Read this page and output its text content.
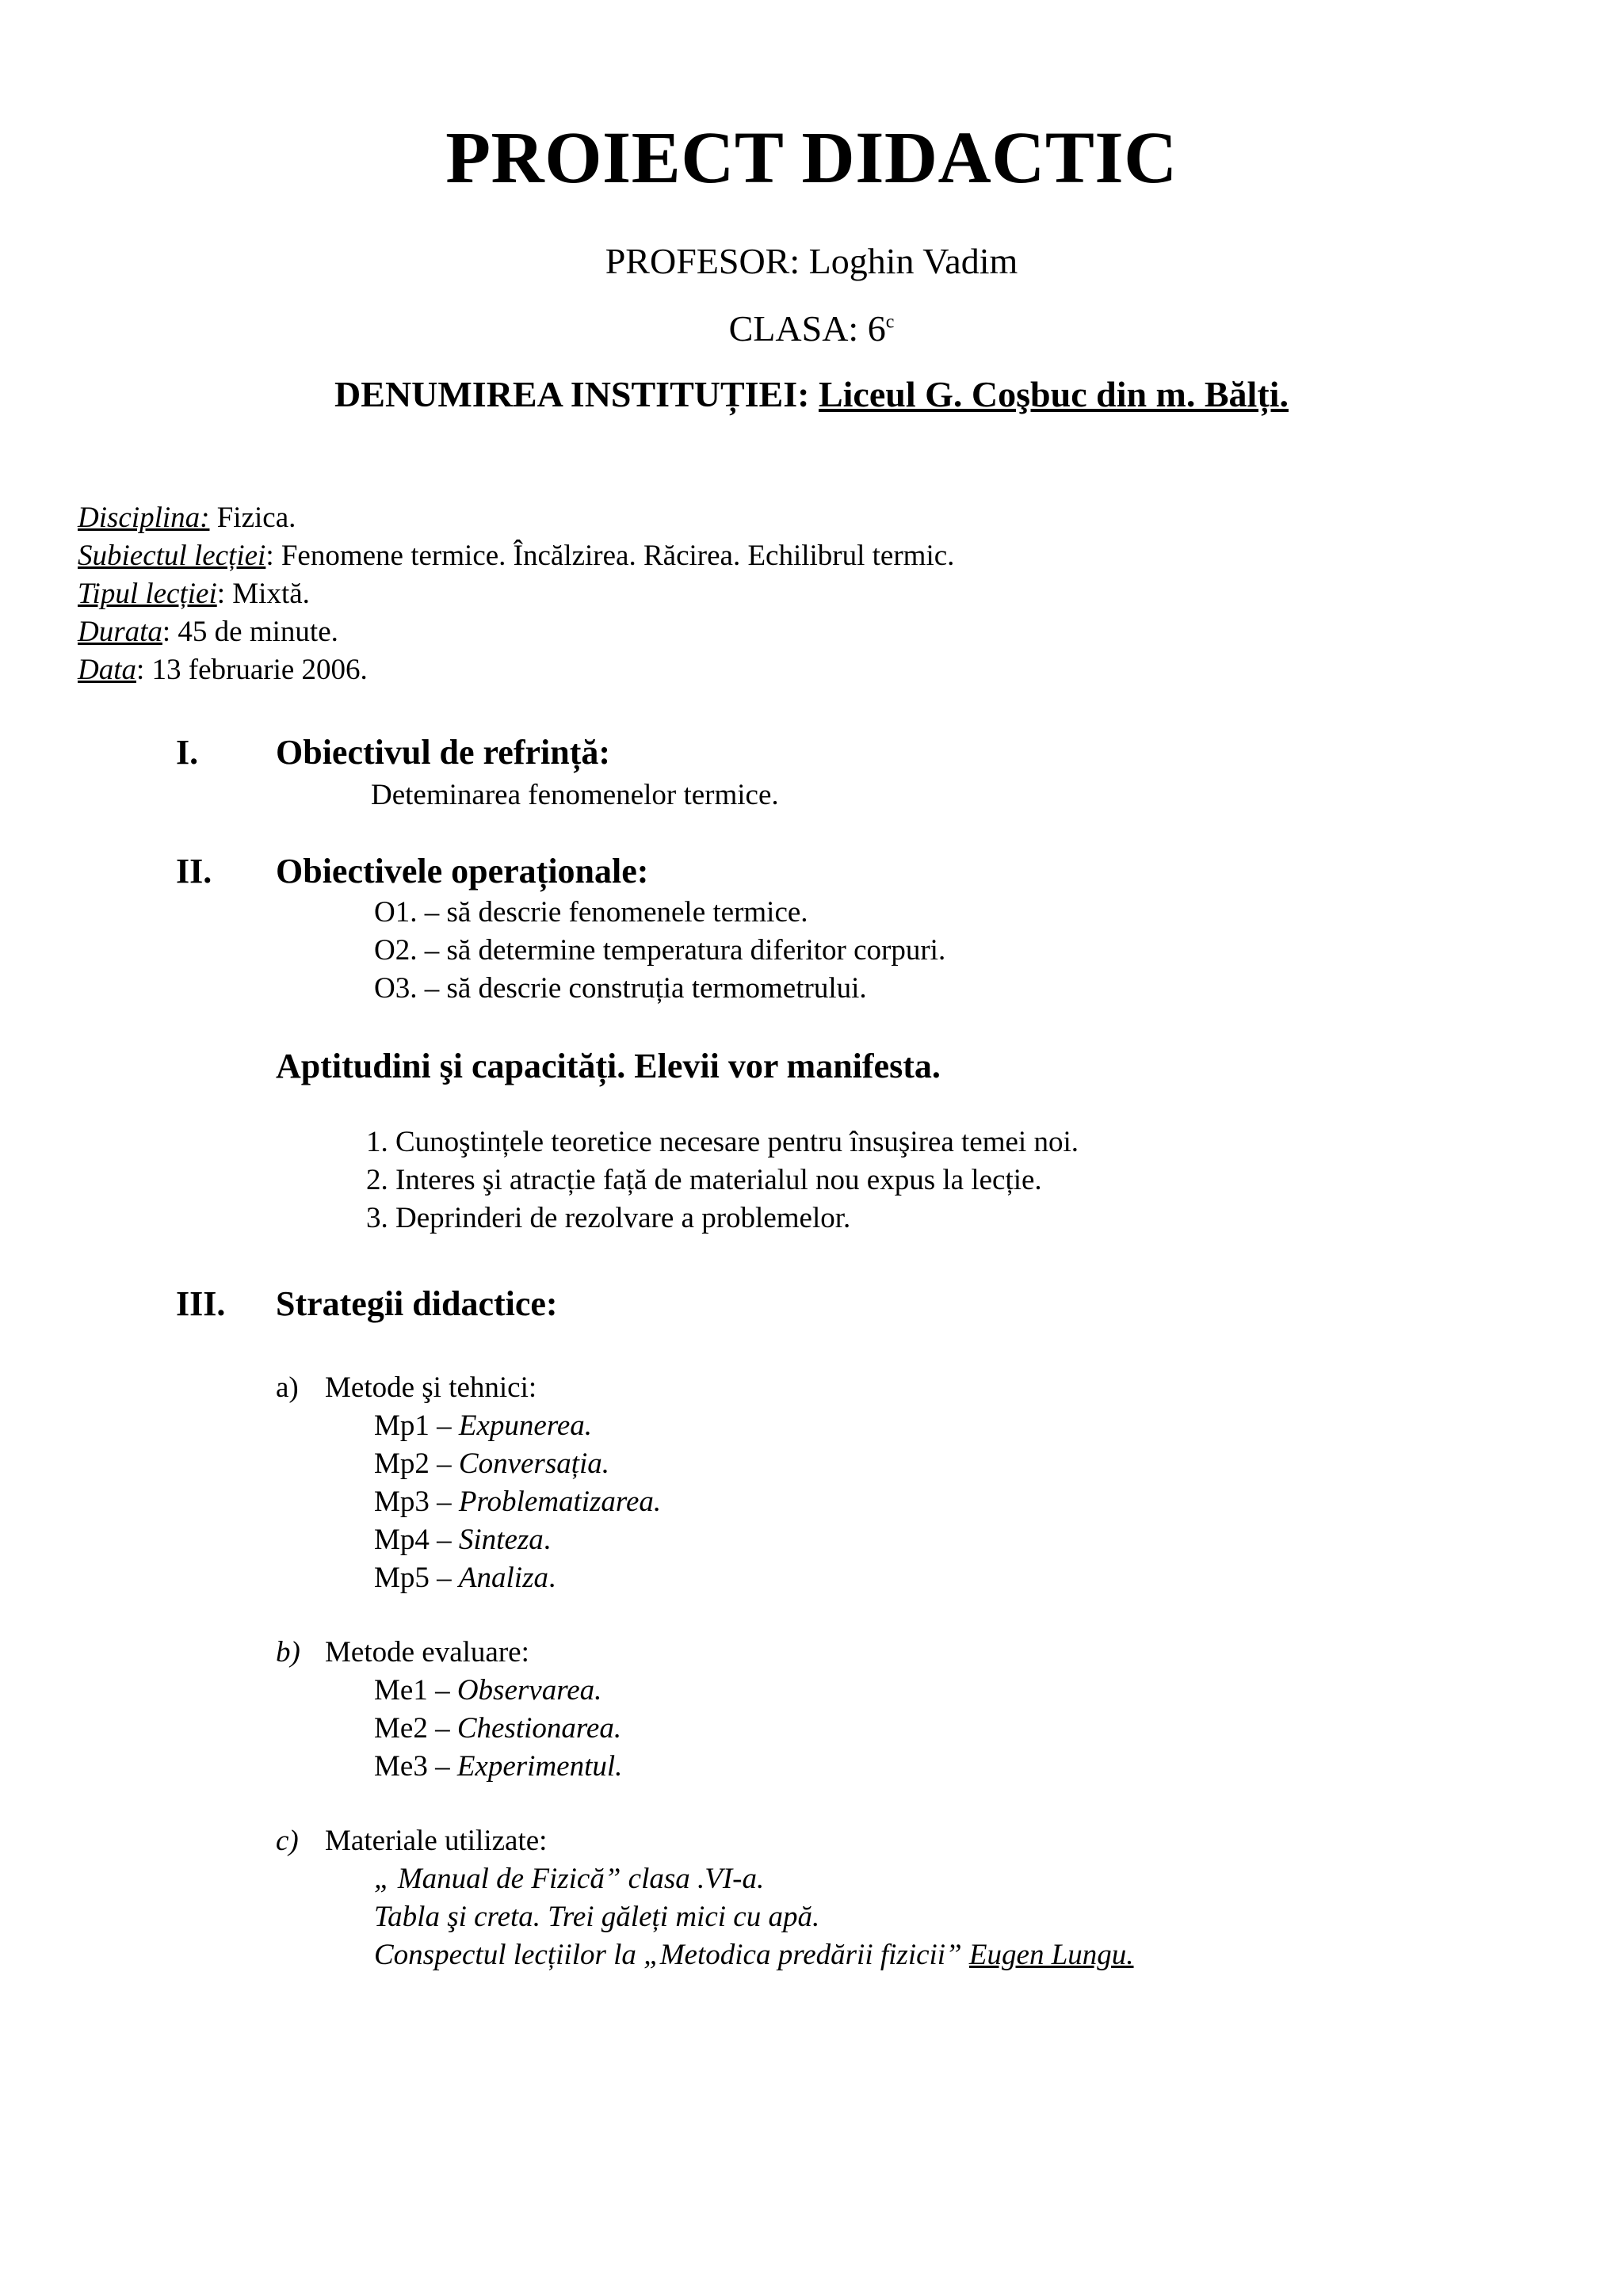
PROIECT DIDACTIC
PROFESOR: Loghin Vadim
CLASA: 6$^c$
DENUMIREA INSTITUȚIEI: Liceul G. Coşbuc din m. Bălți.
Disciplina: Fizica.
Subiectul lecției: Fenomene termice. Încălzirea. Răcirea. Echilibrul termic.
Tipul lecției: Mixtă.
Durata: 45 de minute.
Data: 13 februarie 2006.
I. Obiectivul de refrință:
Deteminarea fenomenelor termice.
II. Obiectivele operaționale:
O1. – să descrie fenomenele termice.
O2. – să determine temperatura diferitor corpuri.
O3. – să descrie construția termometrului.
Aptitudini şi capacități. Elevii vor manifesta.
1. Cunoştințele teoretice necesare pentru însuşirea temei noi.
2. Interes şi atracție față de materialul nou expus la lecție.
3. Deprinderi de rezolvare a problemelor.
III. Strategii didactice:
a) Metode şi tehnici:
Mp1 – Expunerea.
Mp2 – Conversația.
Mp3 – Problematizarea.
Mp4 – Sinteza.
Mp5 – Analiza.
b) Metode evaluare:
Me1 – Observarea.
Me2 – Chestionarea.
Me3 – Experimentul.
c) Materiale utilizate:
„ Manual de Fizică” clasa .VI-a.
Tabla şi creta. Trei găleți mici cu apă.
Conspectul lecțiilor la „Metodica predării fizicii” Eugen Lungu.
